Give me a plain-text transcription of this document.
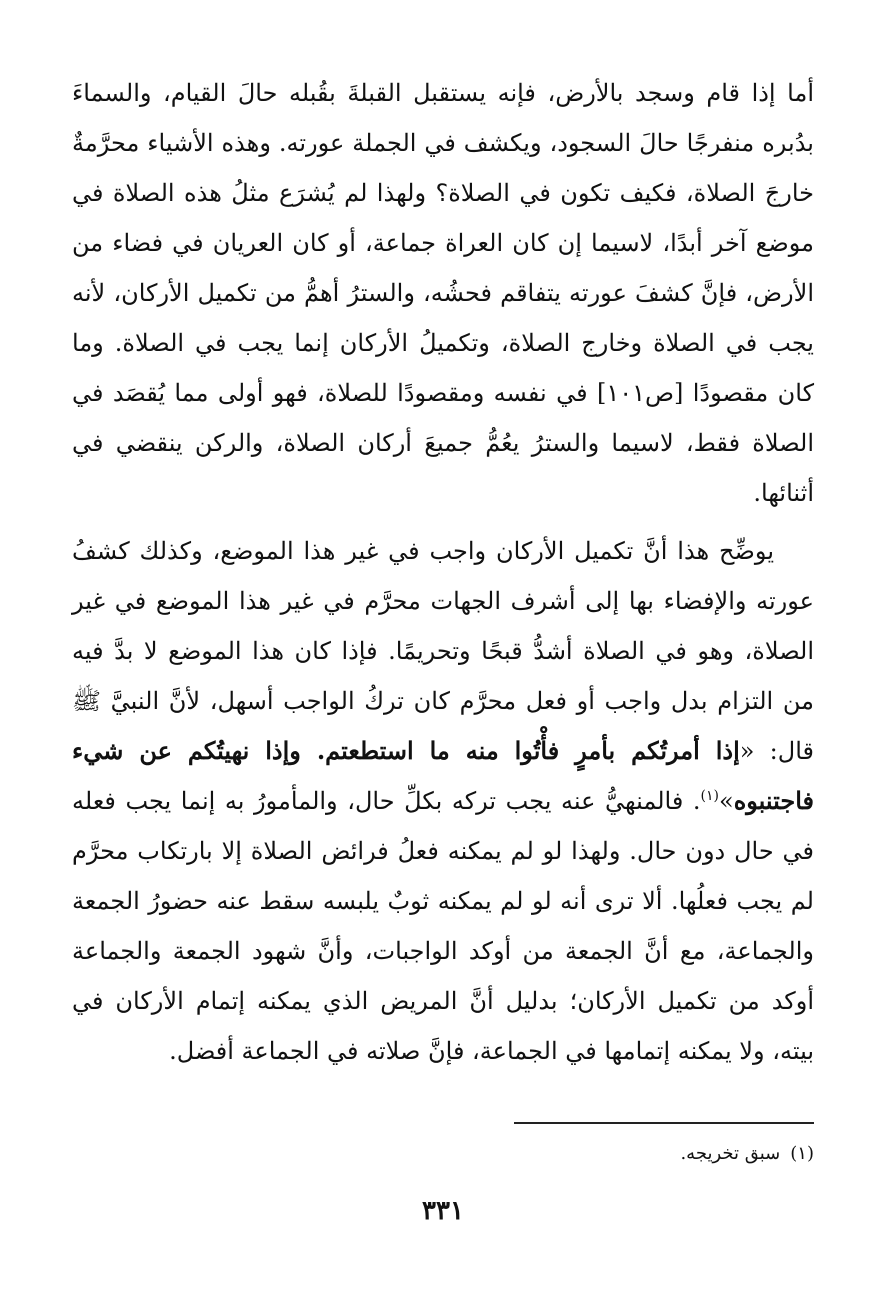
أما إذا قام وسجد بالأرض، فإنه يستقبل القبلةَ بقُبله حالَ القيام، والسماءَ بدُبره منفرجًا حالَ السجود، ويكشف في الجملة عورته. وهذه الأشياء محرَّمةٌ خارجَ الصلاة، فكيف تكون في الصلاة؟ ولهذا لم يُشرَع مثلُ هذه الصلاة في موضع آخر أبدًا، لاسيما إن كان العراة جماعة، أو كان العريان في فضاء من الأرض، فإنَّ كشفَ عورته يتفاقم فحشُه، والسترُ أهمُّ من تكميل الأركان، لأنه يجب في الصلاة وخارج الصلاة، وتكميلُ الأركان إنما يجب في الصلاة. وما كان مقصودًا [ص١٠١] في نفسه ومقصودًا للصلاة، فهو أولى مما يُقصَد في الصلاة فقط، لاسيما والسترُ يعُمُّ جميعَ أركان الصلاة، والركن ينقضي في أثنائها.

يوضِّح هذا أنَّ تكميل الأركان واجب في غير هذا الموضع، وكذلك كشفُ عورته والإفضاء بها إلى أشرف الجهات محرَّم في غير هذا الموضع في غير الصلاة، وهو في الصلاة أشدُّ قبحًا وتحريمًا. فإذا كان هذا الموضع لا بدَّ فيه من التزام بدل واجب أو فعل محرَّم كان تركُ الواجب أسهل، لأنَّ النبيَّ ﷺ قال: «إذا أمرتُكم بأمرٍ فأْتُوا منه ما استطعتم. وإذا نهيتُكم عن شيء فاجتنبوه»$^{(١)}$. فالمنهيُّ عنه يجب تركه بكلِّ حال، والمأمورُ به إنما يجب فعله في حال دون حال. ولهذا لو لم يمكنه فعلُ فرائض الصلاة إلا بارتكاب محرَّم لم يجب فعلُها. ألا ترى أنه لو لم يمكنه ثوبٌ يلبسه سقط عنه حضورُ الجمعة والجماعة، مع أنَّ الجمعة من أوكد الواجبات، وأنَّ شهود الجمعة والجماعة أوكد من تكميل الأركان؛ بدليل أنَّ المريض الذي يمكنه إتمام الأركان في بيته، ولا يمكنه إتمامها في الجماعة، فإنَّ صلاته في الجماعة أفضل.

(١)سبق تخريجه.
٣٣١
